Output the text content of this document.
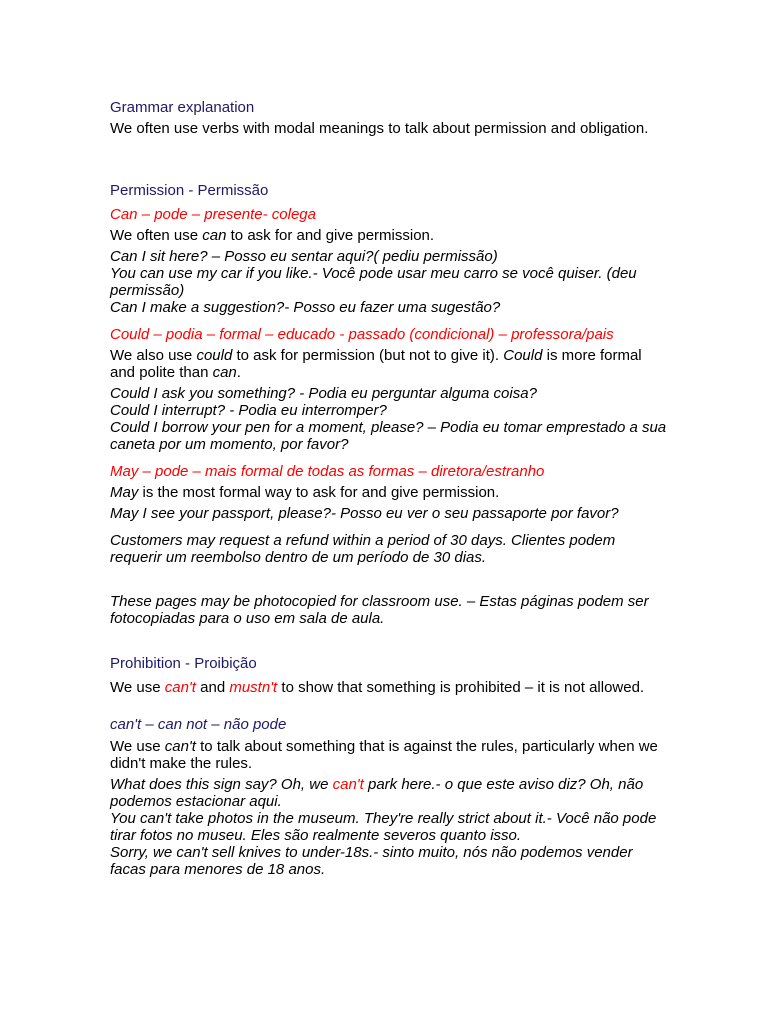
Grammar explanation

We often use verbs with modal meanings to talk about permission and obligation.

Permission - Permissão

Can – pode – presente- colega

We often use can to ask for and give permission.

Can I sit here? – Posso eu sentar aqui?( pediu permissão)
You can use my car if you like.- Você pode usar meu carro se você quiser. (deu permissão)
Can I make a suggestion?- Posso eu fazer uma sugestão?

Could – podia – formal – educado - passado (condicional) – professora/pais

We also use could to ask for permission (but not to give it). Could is more formal and polite than can.

Could I ask you something? - Podia eu perguntar alguma coisa?
Could I interrupt? - Podia eu interromper?
Could I borrow your pen for a moment, please? – Podia eu tomar emprestado a sua caneta por um momento, por favor?

May – pode – mais formal de todas as formas – diretora/estranho

May is the most formal way to ask for and give permission.

May I see your passport, please?- Posso eu ver o seu passaporte por favor?

Customers may request a refund within a period of 30 days. Clientes podem requerir um reembolso dentro de um período de 30 dias.

These pages may be photocopied for classroom use. – Estas páginas podem ser fotocopiadas para o uso em sala de aula.

Prohibition - Proibição

We use can't and mustn't to show that something is prohibited – it is not allowed.

can't – can not – não pode

We use can't to talk about something that is against the rules, particularly when we didn't make the rules.

What does this sign say? Oh, we can't park here.- o que este aviso diz? Oh, não podemos estacionar aqui.
You can't take photos in the museum. They're really strict about it.- Você não pode tirar fotos no museu. Eles são realmente severos quanto isso.
Sorry, we can't sell knives to under-18s.- sinto muito, nós não podemos vender facas para menores de 18 anos.
